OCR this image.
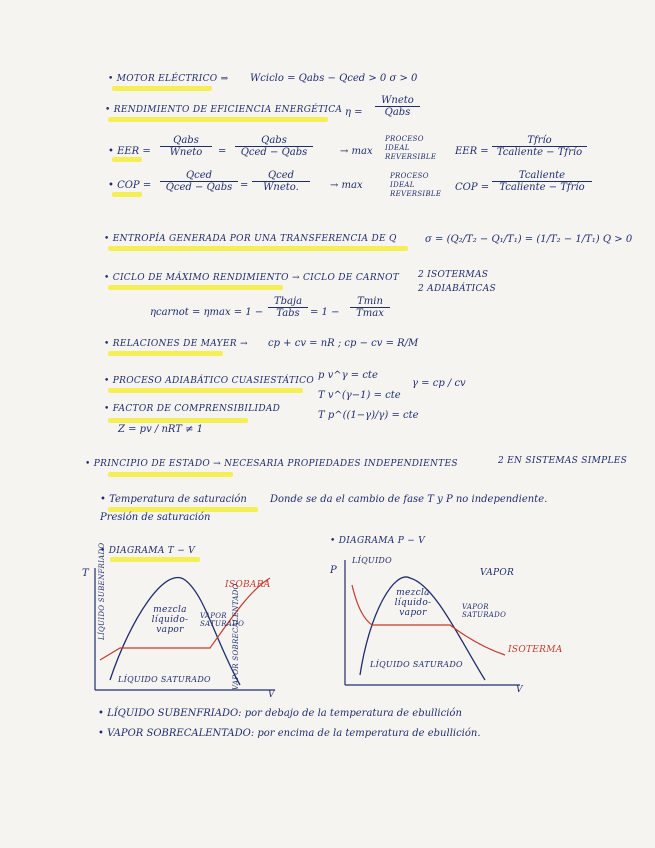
• MOTOR ELÉCTRICO ⇒ Wciclo = Qabs − Qced > 0 σ > 0
• RENDIMIENTO DE EFICIENCIA ENERGÉTICA η =
Wneto
Qabs
• EER =
Qabs
Wneto	=
Qabs
Qced − Qabs	→ max
PROCESO IDEAL REVERSIBLE EER =
Tfrío
Tcaliente − Tfrío
• COP =
Qced
Qced − Qabs =
Qced
Wneto.	→ max
PROCESO IDEAL REVERSIBLE
COP =
Tcaliente
Tcaliente − Tfrío
• ENTROPÍA GENERADA POR UNA TRANSFERENCIA DE Q	σ = (Q₂/T₂ − Q₁/T₁) = (1/T₂ − 1/T₁) Q > 0
• CICLO DE MÁXIMO RENDIMIENTO → CICLO DE CARNOT 2 ISOTERMAS
2 ADIABÁTICAS
ηcarnot = ηmax = 1 −
Tbaja
Tabs	= 1 −
Tmin
Tmax
• RELACIONES DE MAYER → cp + cv = nR ; cp − cv = R/M
• PROCESO ADIABÁTICO CUASIESTÁTICO p v^γ = cte
T v^(γ−1) = cte
T p^((1−γ)/γ) = cte
γ = cp / cv
• FACTOR DE COMPRENSIBILIDAD
Z = pv / nRT ≠ 1
• PRINCIPIO DE ESTADO → NECESARIA PROPIEDADES INDEPENDIENTES	2 EN SISTEMAS SIMPLES
• Temperatura de saturación
Presión de saturación
Donde se da el cambio de fase T y P no independiente.
• DIAGRAMA T − V
• DIAGRAMA P − V
T
V
LÍQUIDO SUBENFRIADO	mezcla líquido-vapor
VAPOR SATURADO
VAPOR SOBRECALENTADO
ISOBARA
LÍQUIDO SATURADO
P
V
LÍQUIDO
VAPOR
mezcla líquido-vapor
VAPOR SATURADO
ISOTERMA
LÍQUIDO SATURADO
• LÍQUIDO SUBENFRIADO: por debajo de la temperatura de ebullición
• VAPOR SOBRECALENTADO: por encima de la temperatura de ebullición.
